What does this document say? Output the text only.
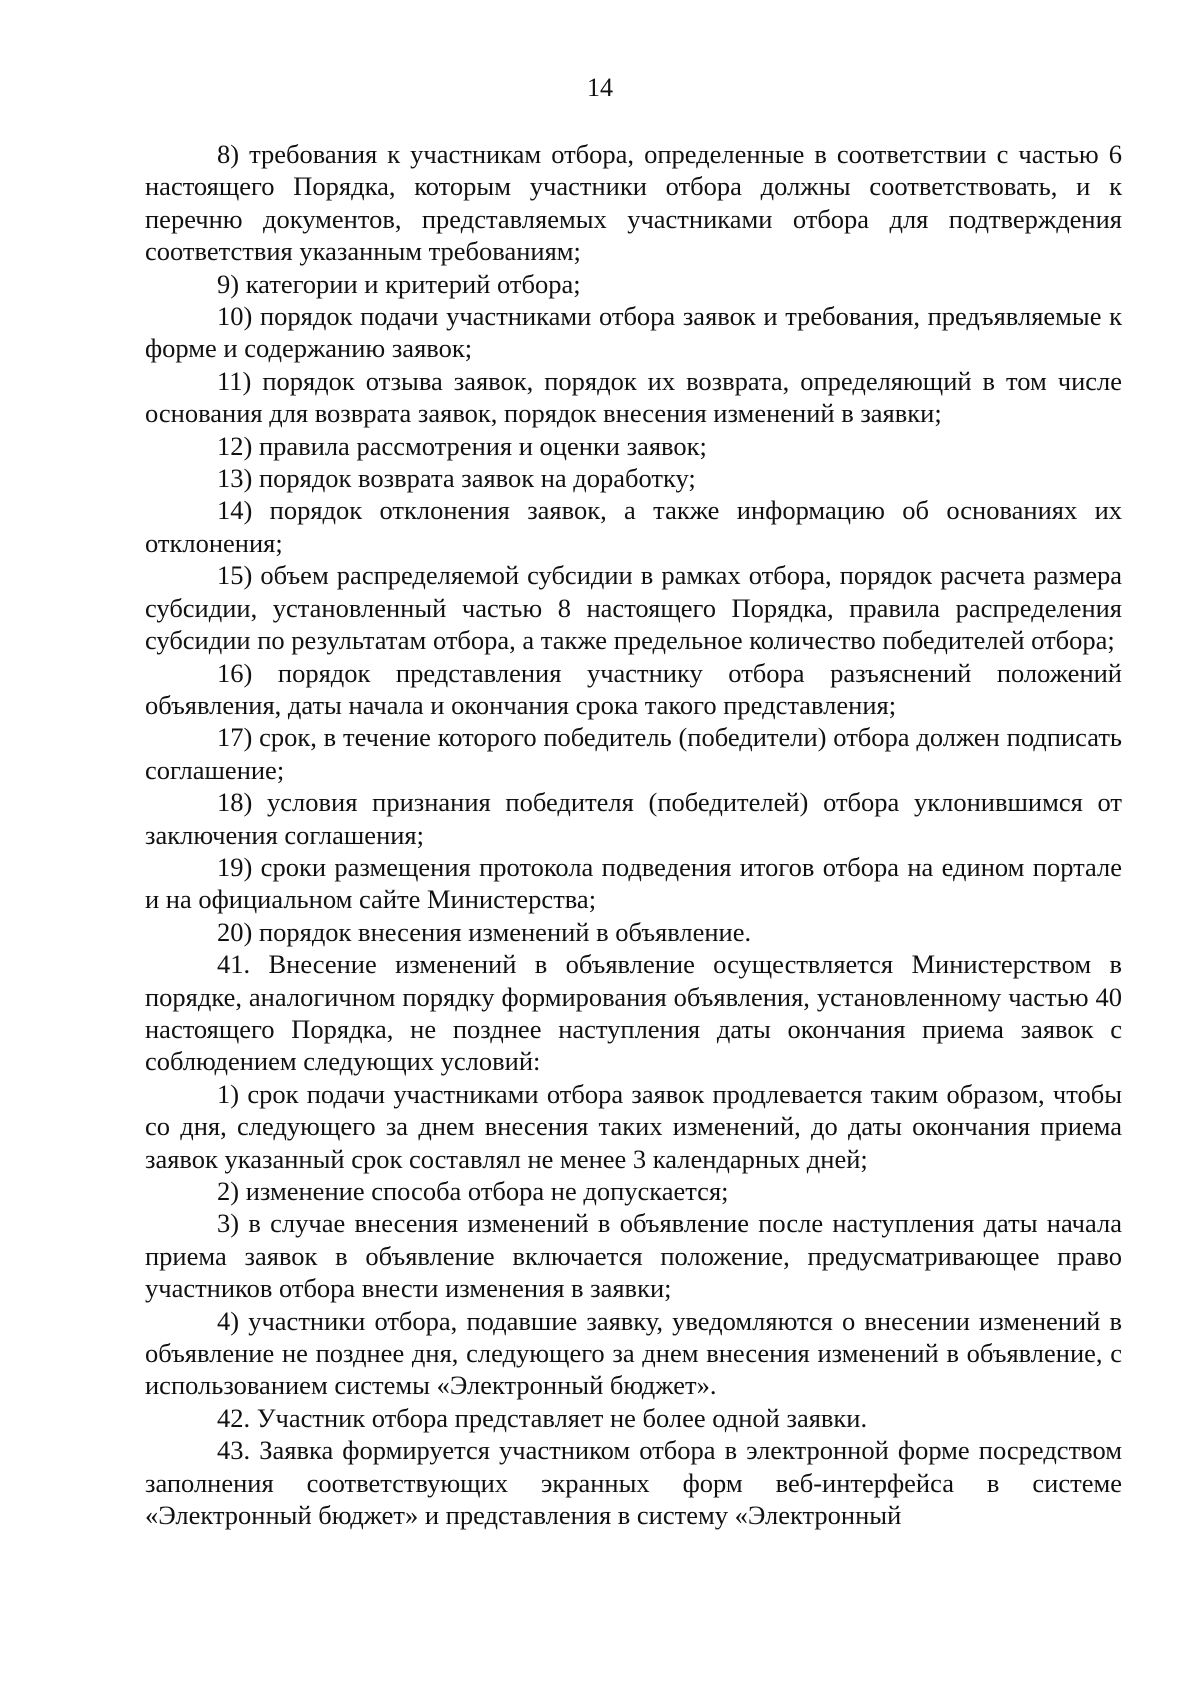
14

8) требования к участникам отбора, определенные в соответствии с частью 6 настоящего Порядка, которым участники отбора должны соответствовать, и к перечню документов, представляемых участниками отбора для подтверждения соответствия указанным требованиям;

9) категории и критерий отбора;

10) порядок подачи участниками отбора заявок и требования, предъявляемые к форме и содержанию заявок;

11) порядок отзыва заявок, порядок их возврата, определяющий в том числе основания для возврата заявок, порядок внесения изменений в заявки;

12) правила рассмотрения и оценки заявок;

13) порядок возврата заявок на доработку;

14) порядок отклонения заявок, а также информацию об основаниях их отклонения;

15) объем распределяемой субсидии в рамках отбора, порядок расчета размера субсидии, установленный частью 8 настоящего Порядка, правила распределения субсидии по результатам отбора, а также предельное количество победителей отбора;

16) порядок представления участнику отбора разъяснений положений объявления, даты начала и окончания срока такого представления;

17) срок, в течение которого победитель (победители) отбора должен подписать соглашение;

18) условия признания победителя (победителей) отбора уклонившимся от заключения соглашения;

19) сроки размещения протокола подведения итогов отбора на едином портале и на официальном сайте Министерства;

20) порядок внесения изменений в объявление.

41. Внесение изменений в объявление осуществляется Министерством в порядке, аналогичном порядку формирования объявления, установленному частью 40 настоящего Порядка, не позднее наступления даты окончания приема заявок с соблюдением следующих условий:

1) срок подачи участниками отбора заявок продлевается таким образом, чтобы со дня, следующего за днем внесения таких изменений, до даты окончания приема заявок указанный срок составлял не менее 3 календарных дней;

2) изменение способа отбора не допускается;

3) в случае внесения изменений в объявление после наступления даты начала приема заявок в объявление включается положение, предусматривающее право участников отбора внести изменения в заявки;

4) участники отбора, подавшие заявку, уведомляются о внесении изменений в объявление не позднее дня, следующего за днем внесения изменений в объявление, с использованием системы «Электронный бюджет».

42. Участник отбора представляет не более одной заявки.

43. Заявка формируется участником отбора в электронной форме посредством заполнения соответствующих экранных форм веб-интерфейса в системе «Электронный бюджет» и представления в систему «Электронный
